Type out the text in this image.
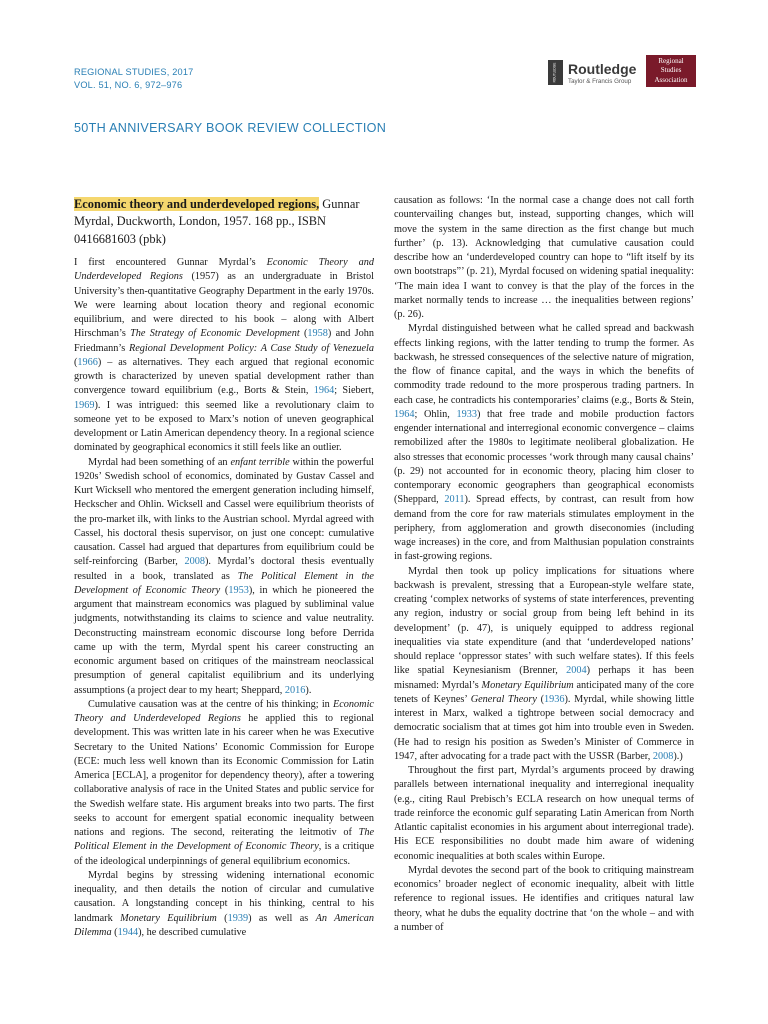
REGIONAL STUDIES, 2017
VOL. 51, NO. 6, 972–976
ROUTLEDGE Routledge
Taylor & Francis Group
Regional
Studies
Association
50TH ANNIVERSARY BOOK REVIEW COLLECTION
Economic theory and underdeveloped regions, Gunnar Myrdal, Duckworth, London, 1957. 168 pp., ISBN 0416681603 (pbk)

I first encountered Gunnar Myrdal’s Economic Theory and Underdeveloped Regions (1957) as an undergraduate in Bristol University’s then-quantitative Geography Department in the early 1970s. We were learning about location theory and regional economic equilibrium, and were directed to his book – along with Albert Hirschman’s The Strategy of Economic Development (1958) and John Friedmann’s Regional Development Policy: A Case Study of Venezuela (1966) – as alternatives. They each argued that regional economic growth is characterized by uneven spatial development rather than convergence toward equilibrium (e.g., Borts & Stein, 1964; Siebert, 1969). I was intrigued: this seemed like a revolutionary claim to someone yet to be exposed to Marx’s notion of uneven geographical development or Latin American dependency theory. In a regional science dominated by geographical economics it still feels like an outlier.

Myrdal had been something of an enfant terrible within the powerful 1920s’ Swedish school of economics, dominated by Gustav Cassel and Kurt Wicksell who mentored the emergent generation including himself, Heckscher and Ohlin. Wicksell and Cassel were equilibrium theorists of the pro-market ilk, with links to the Austrian school. Myrdal agreed with Cassel, his doctoral thesis supervisor, on just one concept: cumulative causation. Cassel had argued that departures from equilibrium could be self-reinforcing (Barber, 2008). Myrdal’s doctoral thesis eventually resulted in a book, translated as The Political Element in the Development of Economic Theory (1953), in which he pioneered the argument that mainstream economics was plagued by subliminal value judgments, notwithstanding its claims to science and value neutrality. Deconstructing mainstream economic discourse long before Derrida came up with the term, Myrdal spent his career constructing an economic argument based on critiques of the mainstream neoclassical presumption of general capitalist equilibrium and its underlying assumptions (a project dear to my heart; Sheppard, 2016).

Cumulative causation was at the centre of his thinking; in Economic Theory and Underdeveloped Regions he applied this to regional development. This was written late in his career when he was Executive Secretary to the United Nations’ Economic Commission for Europe (ECE: much less well known than its Economic Commission for Latin America [ECLA], a progenitor for dependency theory), after a towering collaborative analysis of race in the United States and public service for the Swedish welfare state. His argument breaks into two parts. The first seeks to account for emergent spatial economic inequality between nations and regions. The second, reiterating the leitmotiv of The Political Element in the Development of Economic Theory, is a critique of the ideological underpinnings of general equilibrium economics.

Myrdal begins by stressing widening international economic inequality, and then details the notion of circular and cumulative causation. A longstanding concept in his thinking, central to his landmark Monetary Equilibrium (1939) as well as An American Dilemma (1944), he described cumulative

causation as follows: ‘In the normal case a change does not call forth countervailing changes but, instead, supporting changes, which will move the system in the same direction as the first change but much further’ (p. 13). Acknowledging that cumulative causation could describe how an ‘underdeveloped country can hope to “lift itself by its own bootstraps”’ (p. 21), Myrdal focused on widening spatial inequality: ‘The main idea I want to convey is that the play of the forces in the market normally tends to increase … the inequalities between regions’ (p. 26).

Myrdal distinguished between what he called spread and backwash effects linking regions, with the latter tending to trump the former. As backwash, he stressed consequences of the selective nature of migration, the flow of finance capital, and the ways in which the benefits of commodity trade redound to the more prosperous trading partners. In each case, he contradicts his contemporaries’ claims (e.g., Borts & Stein, 1964; Ohlin, 1933) that free trade and mobile production factors engender international and interregional economic convergence – claims remobilized after the 1980s to legitimate neoliberal globalization. He also stresses that economic processes ‘work through many causal chains’ (p. 29) not accounted for in economic theory, placing him closer to contemporary economic geographers than geographical economists (Sheppard, 2011). Spread effects, by contrast, can result from how demand from the core for raw materials stimulates employment in the periphery, from agglomeration and growth diseconomies (including wage increases) in the core, and from Malthusian population constraints in fast-growing regions.

Myrdal then took up policy implications for situations where backwash is prevalent, stressing that a European-style welfare state, creating ‘complex networks of systems of state interferences, preventing any region, industry or social group from being left behind in its development’ (p. 47), is uniquely equipped to address regional inequalities via state expenditure (and that ‘underdeveloped nations’ should replace ‘oppressor states’ with such welfare states). If this feels like spatial Keynesianism (Brenner, 2004) perhaps it has been misnamed: Myrdal’s Monetary Equilibrium anticipated many of the core tenets of Keynes’ General Theory (1936). Myrdal, while showing little interest in Marx, walked a tightrope between social democracy and democratic socialism that at times got him into trouble even in Sweden. (He had to resign his position as Sweden’s Minister of Commerce in 1947, after advocating for a trade pact with the USSR (Barber, 2008).)

Throughout the first part, Myrdal’s arguments proceed by drawing parallels between international inequality and interregional inequality (e.g., citing Raul Prebisch’s ECLA research on how unequal terms of trade reinforce the economic gulf separating Latin American from North Atlantic capitalist economies in his argument about interregional trade). His ECE responsibilities no doubt made him aware of widening economic inequalities at both scales within Europe.

Myrdal devotes the second part of the book to critiquing mainstream economics’ broader neglect of economic inequality, albeit with little reference to regional issues. He identifies and critiques natural law theory, what he dubs the equality doctrine that ‘on the whole – and with a number of
